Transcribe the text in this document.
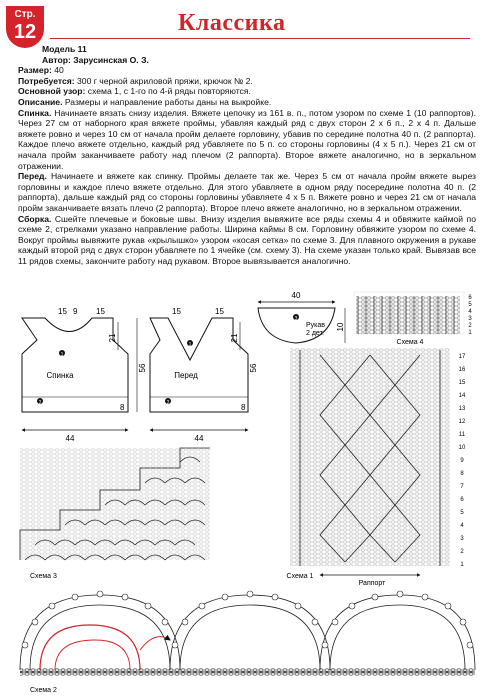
Стр.
12	Классика

Модель 11

Автор: Зарусинская О. З.

Размер: 40

Потребуется: 300 г черной акриловой пряжи, крючок № 2.

Основной узор: схема 1, с 1-го по 4-й ряды повторяются.

Описание. Размеры и направление работы даны на выкройке.

Спинка. Начинаете вязать снизу изделия. Вяжете цепочку из 161 в. п., потом узором по схеме 1 (10 раппортов). Через 27 см от наборного края вяжете проймы, убавляя каждый ряд с двух сторон 2 х 6 п., 2 х 4 п. Дальше вяжете ровно и через 10 см от начала пройм делаете горловину, убавив по середине полотна 40 п. (2 раппорта). Каждое плечо вяжете отдельно, каждый ряд убавляете по 5 п. со стороны горловины (4 х 5 п.). Через 21 см от начала пройм заканчиваете работу над плечом (2 раппорта). Второе вяжете аналогично, но в зеркальном отражении.

Перед. Начинаете и вяжете как спинку. Проймы делаете так же. Через 5 см от начала пройм вяжете вырез горловины и каждое плечо вяжете отдельно. Для этого убавляете в одном ряду посередине полотна 40 п. (2 раппорта), дальше каждый ряд со стороны горловины убавляете 4 х 5 п. Вяжете ровно и через 21 см от начала пройм заканчиваете вязать плечо (2 раппорта). Второе плечо вяжете аналогично, но в зеркальном отражении.

Сборка. Сшейте плечевые и боковые швы. Внизу изделия вывяжите все ряды схемы 4 и обвяжите каймой по схеме 2, стрелками указано направление работы. Ширина каймы 8 см. Горловину обвяжите узором по схеме 4. Вокруг проймы вывяжите рукав «крылышко» узором «косая сетка» по схеме 3. Для плавного окружения в рукаве каждый второй ряд с двух сторон убавляете по 1 ячейке (см. схему 3). На схеме указан только край. Вывязав все 11 рядов схемы, закончите работу над рукавом. Второе вывязывается аналогично.

44
21
56
15 9 15
8
1
Спинка
2
44
21
56
15	15
8
1
Перед
2
40
10
3
Рукав
2 дет.	1
2
3
4
5
6
Схема 4
1
2
3
4
5
6
7
8
9
10
11
12
13
14
15
16
17
Схема 1
Раппорт
Схема 3
Схема 2
